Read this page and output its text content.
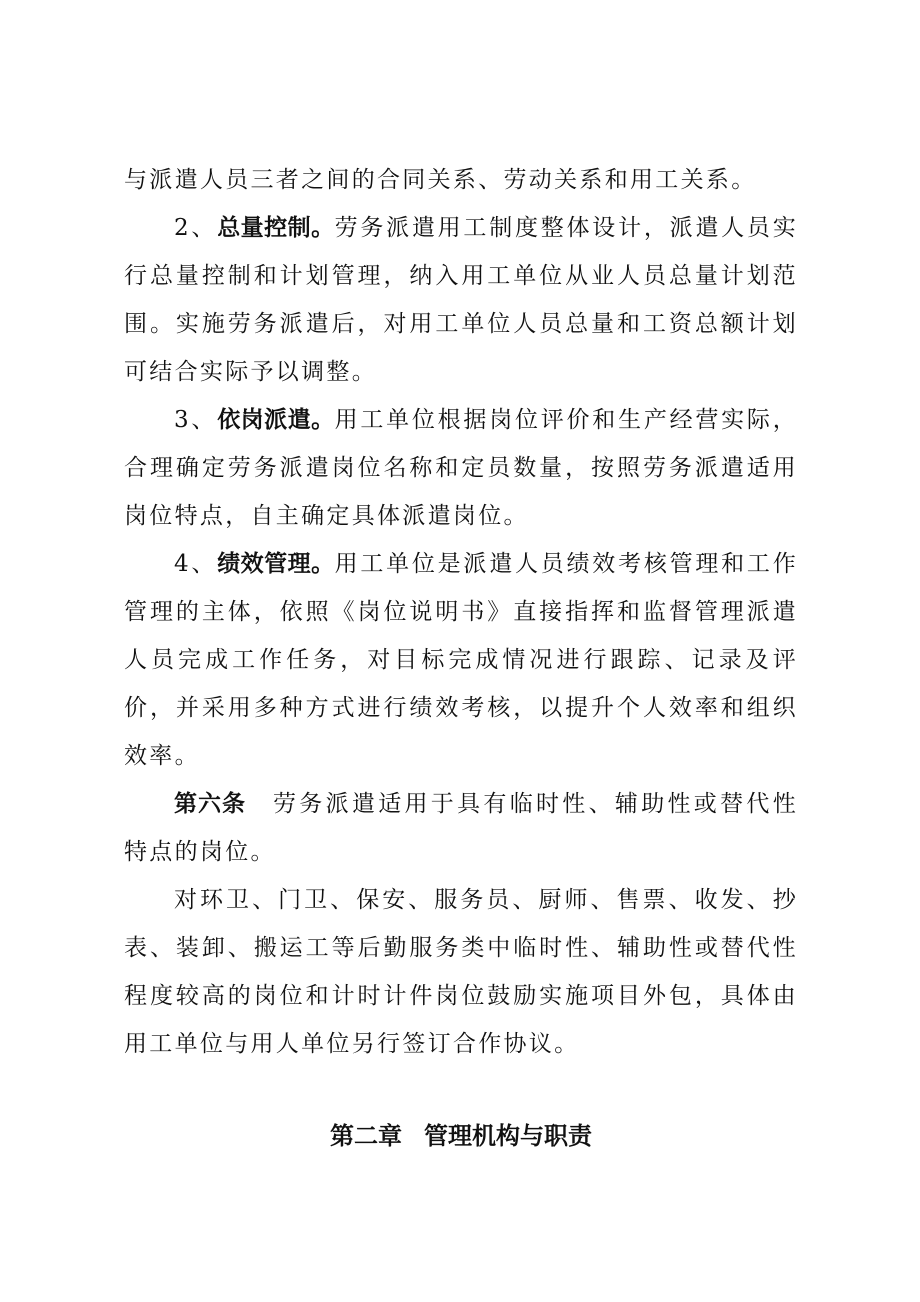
与派遣人员三者之间的合同关系、劳动关系和用工关系。

2、总量控制。劳务派遣用工制度整体设计，派遣人员实行总量控制和计划管理，纳入用工单位从业人员总量计划范围。实施劳务派遣后，对用工单位人员总量和工资总额计划可结合实际予以调整。

3、依岗派遣。用工单位根据岗位评价和生产经营实际，合理确定劳务派遣岗位名称和定员数量，按照劳务派遣适用岗位特点，自主确定具体派遣岗位。

4、绩效管理。用工单位是派遣人员绩效考核管理和工作管理的主体，依照《岗位说明书》直接指挥和监督管理派遣人员完成工作任务，对目标完成情况进行跟踪、记录及评价，并采用多种方式进行绩效考核，以提升个人效率和组织效率。

第六条 劳务派遣适用于具有临时性、辅助性或替代性特点的岗位。

对环卫、门卫、保安、服务员、厨师、售票、收发、抄表、装卸、搬运工等后勤服务类中临时性、辅助性或替代性程度较高的岗位和计时计件岗位鼓励实施项目外包，具体由用工单位与用人单位另行签订合作协议。

第二章 管理机构与职责
